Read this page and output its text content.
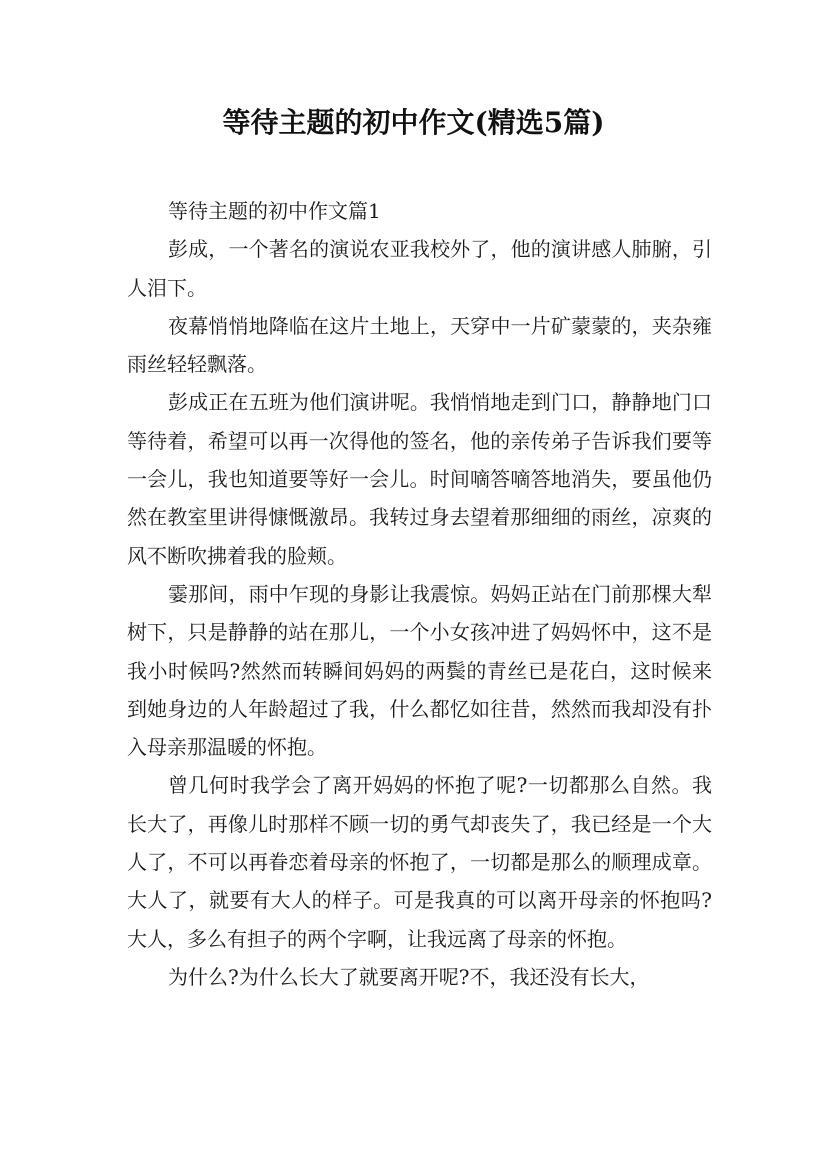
等待主题的初中作文(精选5篇)

等待主题的初中作文篇1

彭成，一个著名的演说农亚我校外了，他的演讲感人肺腑，引人泪下。

夜幕悄悄地降临在这片土地上，天穿中一片矿蒙蒙的，夹杂雍雨丝轻轻飘落。

彭成正在五班为他们演讲呢。我悄悄地走到门口，静静地门口等待着，希望可以再一次得他的签名，他的亲传弟子告诉我们要等一会儿，我也知道要等好一会儿。时间嘀答嘀答地消失，要虽他仍然在教室里讲得慷慨激昂。我转过身去望着那细细的雨丝，凉爽的风不断吹拂着我的脸颊。

霎那间，雨中乍现的身影让我震惊。妈妈正站在门前那棵大犁树下，只是静静的站在那儿，一个小女孩冲进了妈妈怀中，这不是我小时候吗?然然而转瞬间妈妈的两鬓的青丝已是花白，这时候来到她身边的人年龄超过了我，什么都忆如往昔，然然而我却没有扑入母亲那温暖的怀抱。

曾几何时我学会了离开妈妈的怀抱了呢?一切都那么自然。我长大了，再像儿时那样不顾一切的勇气却丧失了，我已经是一个大人了，不可以再眷恋着母亲的怀抱了，一切都是那么的顺理成章。大人了，就要有大人的样子。可是我真的可以离开母亲的怀抱吗?大人，多么有担子的两个字啊，让我远离了母亲的怀抱。

为什么?为什么长大了就要离开呢?不，我还没有长大，
